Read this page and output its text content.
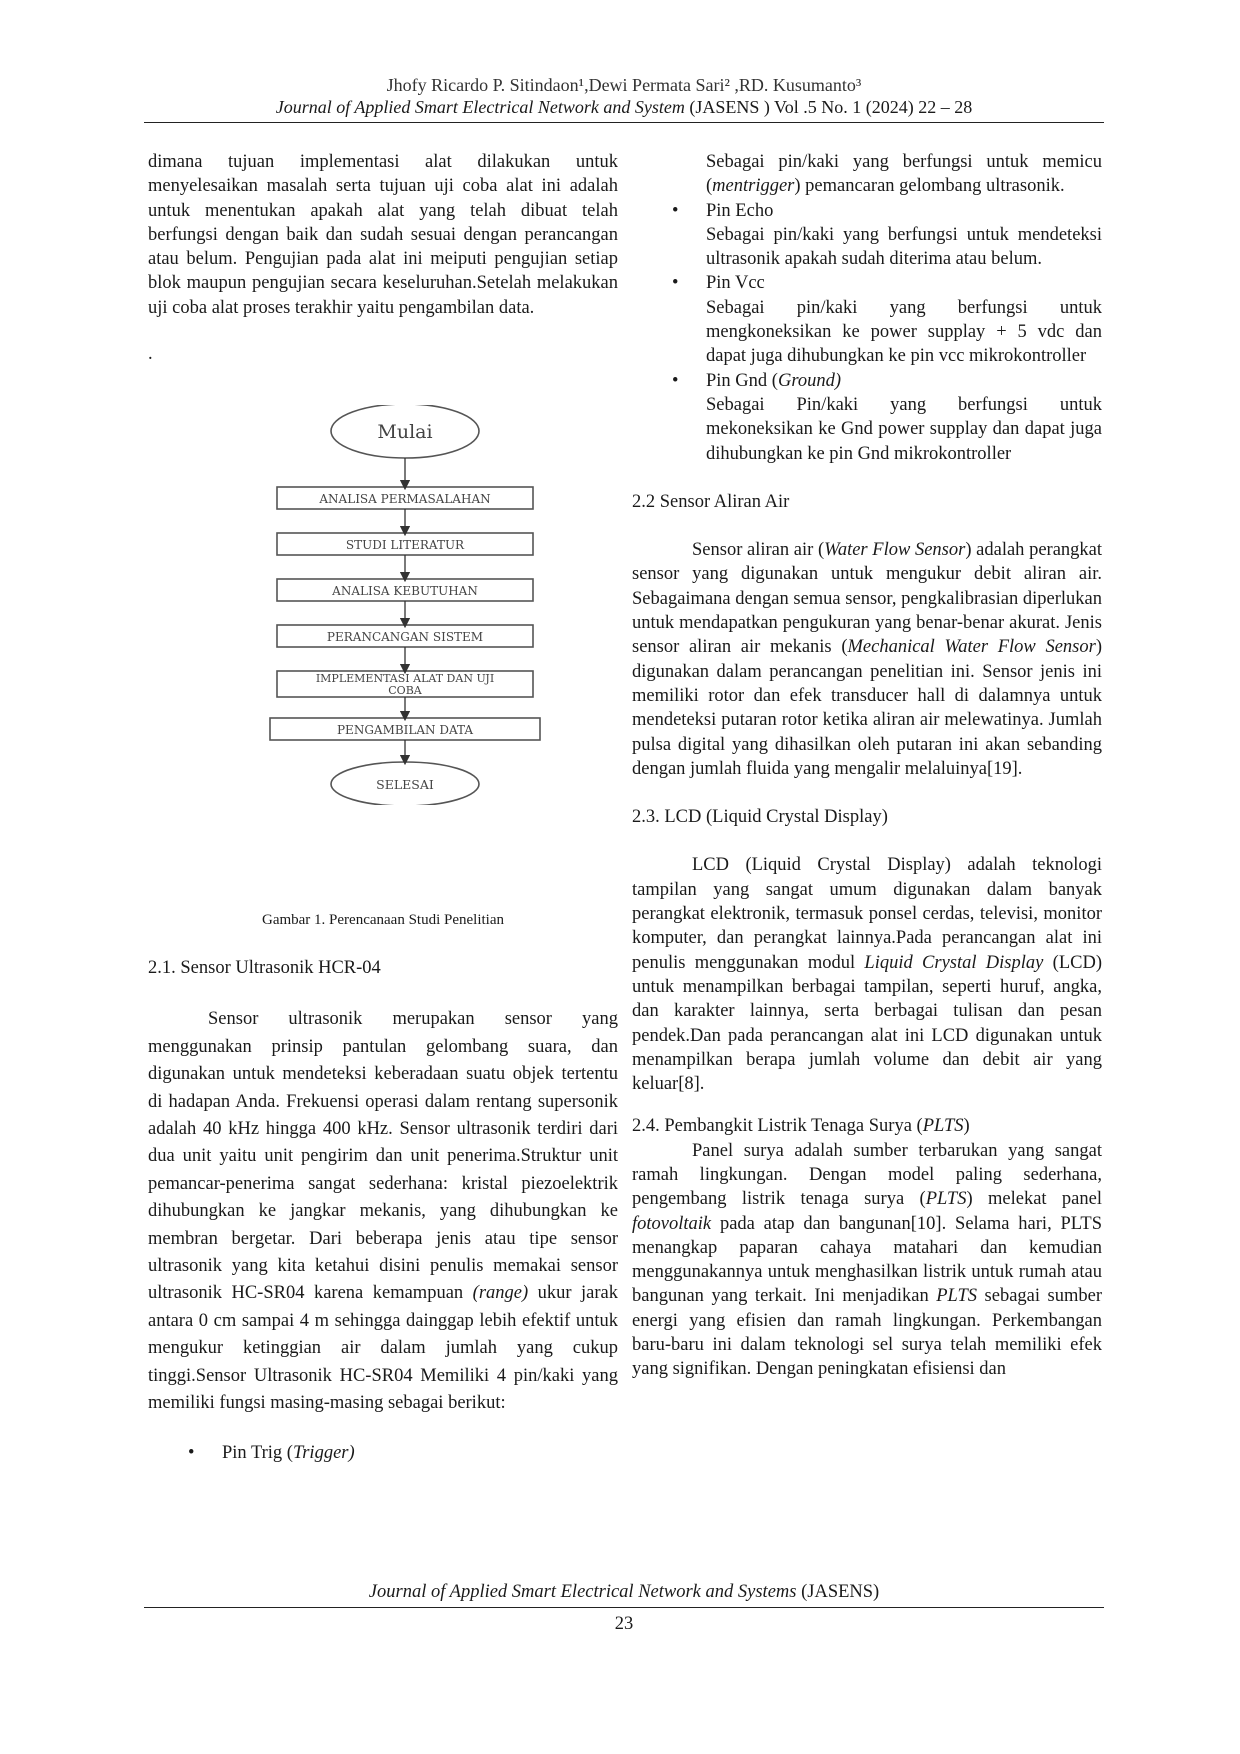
Jhofy Ricardo P. Sitindaon¹,Dewi Permata Sari² ,RD. Kusumanto³
Journal of Applied Smart Electrical Network and System (JASENS ) Vol .5 No. 1 (2024) 22 – 28

dimana tujuan implementasi alat dilakukan untuk menyelesaikan masalah serta tujuan uji coba alat ini adalah untuk menentukan apakah alat yang telah dibuat telah berfungsi dengan baik dan sudah sesuai dengan perancangan atau belum. Pengujian pada alat ini meiputi pengujian setiap blok maupun pengujian secara keseluruhan.Setelah melakukan uji coba alat proses terakhir yaitu pengambilan data.

.

Mulai
ANALISA PERMASALAHAN
STUDI LITERATUR
ANALISA KEBUTUHAN
PERANCANGAN SISTEM
IMPLEMENTASI ALAT DAN UJI
COBA
PENGAMBILAN DATA
SELESAI
Gambar 1. Perencanaan Studi Penelitian

2.1. Sensor Ultrasonik HCR-04

Sensor ultrasonik merupakan sensor yang menggunakan prinsip pantulan gelombang suara, dan digunakan untuk mendeteksi keberadaan suatu objek tertentu di hadapan Anda. Frekuensi operasi dalam rentang supersonik adalah 40 kHz hingga 400 kHz. Sensor ultrasonik terdiri dari dua unit yaitu unit pengirim dan unit penerima.Struktur unit pemancar-penerima sangat sederhana: kristal piezoelektrik dihubungkan ke jangkar mekanis, yang dihubungkan ke membran bergetar. Dari beberapa jenis atau tipe sensor ultrasonik yang kita ketahui disini penulis memakai sensor ultrasonik HC-SR04 karena kemampuan (range) ukur jarak antara 0 cm sampai 4 m sehingga dainggap lebih efektif untuk mengukur ketinggian air dalam jumlah yang cukup tinggi.Sensor Ultrasonik HC-SR04 Memiliki 4 pin/kaki yang memiliki fungsi masing-masing sebagai berikut:

• Pin Trig (Trigger)
Sebagai pin/kaki yang berfungsi untuk memicu (mentrigger) pemancaran gelombang ultrasonik.
• Pin Echo
Sebagai pin/kaki yang berfungsi untuk mendeteksi ultrasonik apakah sudah diterima atau belum.
• Pin Vcc
Sebagai pin/kaki yang berfungsi untuk mengkoneksikan ke power supplay + 5 vdc dan dapat juga dihubungkan ke pin vcc mikrokontroller
• Pin Gnd (Ground)
Sebagai Pin/kaki yang berfungsi untuk mekoneksikan ke Gnd power supplay dan dapat juga dihubungkan ke pin Gnd mikrokontroller

2.2 Sensor Aliran Air

Sensor aliran air (Water Flow Sensor) adalah perangkat sensor yang digunakan untuk mengukur debit aliran air. Sebagaimana dengan semua sensor, pengkalibrasian diperlukan untuk mendapatkan pengukuran yang benar-benar akurat. Jenis sensor aliran air mekanis (Mechanical Water Flow Sensor) digunakan dalam perancangan penelitian ini. Sensor jenis ini memiliki rotor dan efek transducer hall di dalamnya untuk mendeteksi putaran rotor ketika aliran air melewatinya. Jumlah pulsa digital yang dihasilkan oleh putaran ini akan sebanding dengan jumlah fluida yang mengalir melaluinya[19].

2.3. LCD (Liquid Crystal Display)

LCD (Liquid Crystal Display) adalah teknologi tampilan yang sangat umum digunakan dalam banyak perangkat elektronik, termasuk ponsel cerdas, televisi, monitor komputer, dan perangkat lainnya.Pada perancangan alat ini penulis menggunakan modul Liquid Crystal Display (LCD) untuk menampilkan berbagai tampilan, seperti huruf, angka, dan karakter lainnya, serta berbagai tulisan dan pesan pendek.Dan pada perancangan alat ini LCD digunakan untuk menampilkan berapa jumlah volume dan debit air yang keluar[8].

2.4. Pembangkit Listrik Tenaga Surya (PLTS)

Panel surya adalah sumber terbarukan yang sangat ramah lingkungan. Dengan model paling sederhana, pengembang listrik tenaga surya (PLTS) melekat panel fotovoltaik pada atap dan bangunan[10]. Selama hari, PLTS menangkap paparan cahaya matahari dan kemudian menggunakannya untuk menghasilkan listrik untuk rumah atau bangunan yang terkait. Ini menjadikan PLTS sebagai sumber energi yang efisien dan ramah lingkungan. Perkembangan baru-baru ini dalam teknologi sel surya telah memiliki efek yang signifikan. Dengan peningkatan efisiensi dan

Journal of Applied Smart Electrical Network and Systems (JASENS)
23
